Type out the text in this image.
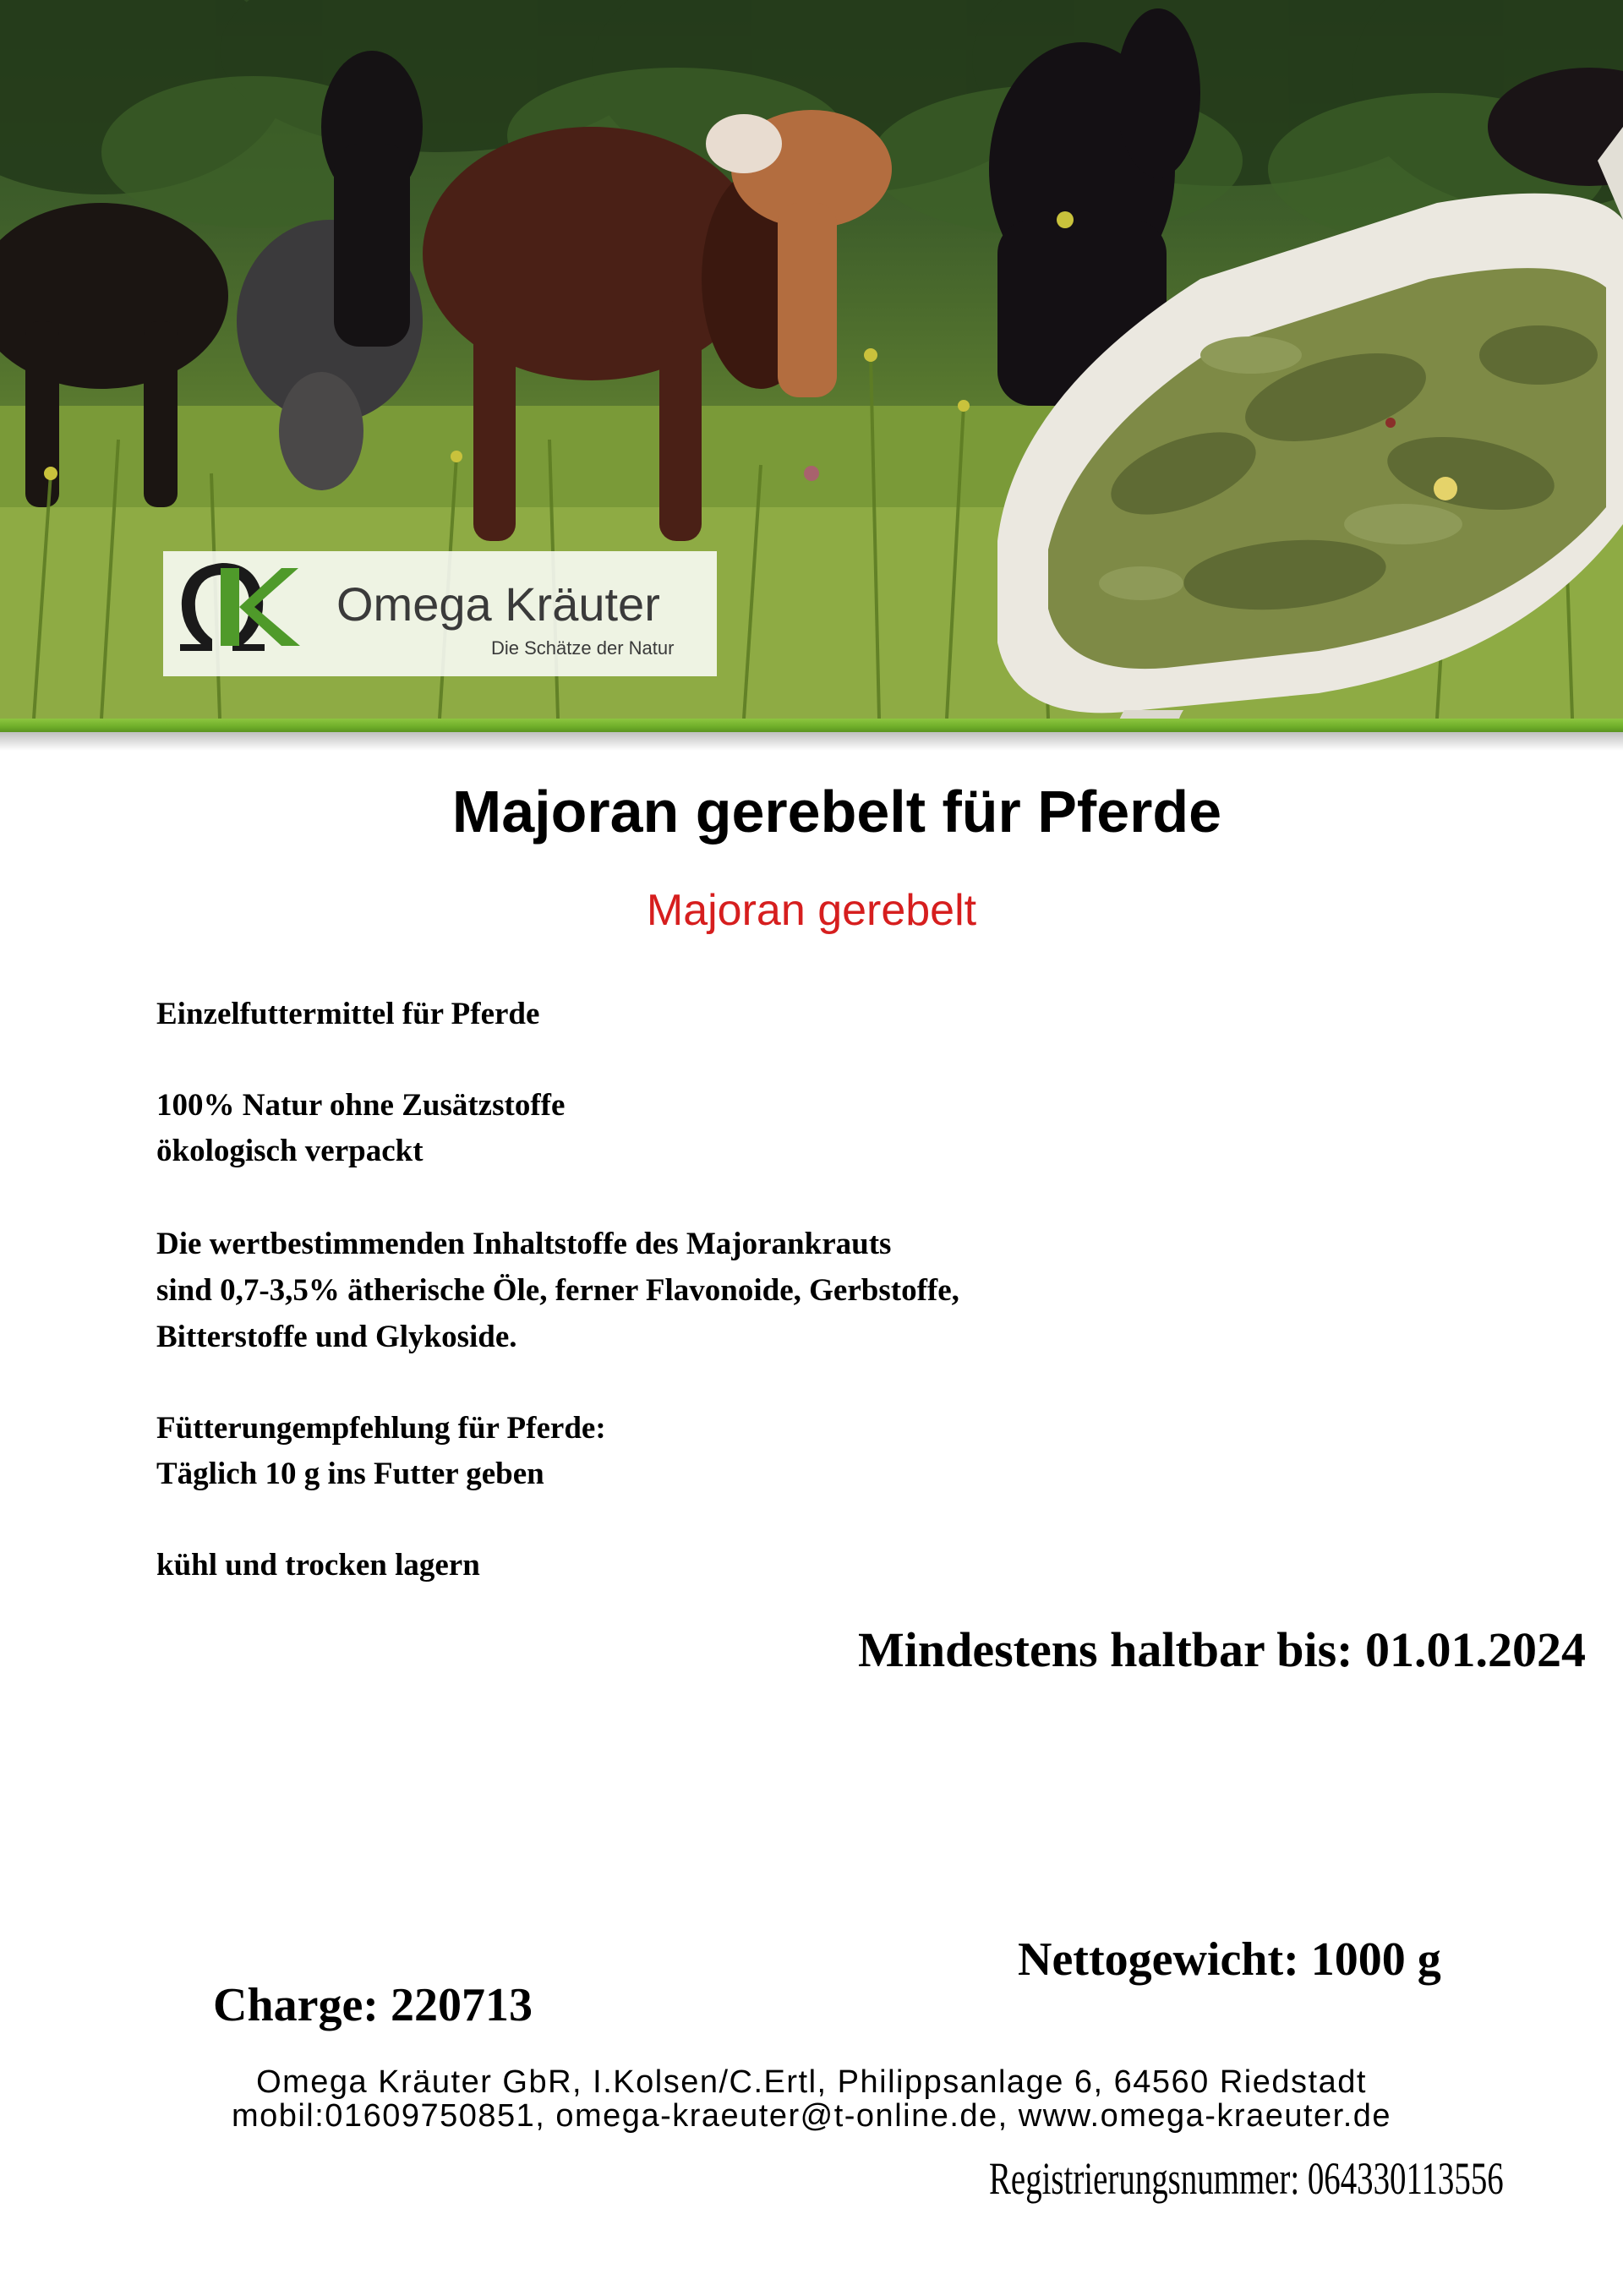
Omega Kräuter
Die Schätze der Natur
Majoran gerebelt für Pferde
Majoran gerebelt
Einzelfuttermittel für Pferde
100% Natur ohne Zusätzstoffe
ökologisch verpackt
Die wertbestimmenden Inhaltstoffe des Majorankrauts
sind 0,7-3,5% ätherische Öle, ferner Flavonoide, Gerbstoffe,
Bitterstoffe und Glykoside.
Fütterungempfehlung für Pferde:
Täglich 10 g ins Futter geben
kühl und trocken lagern
Mindestens haltbar bis: 01.01.2024
Nettogewicht: 1000 g
Charge: 220713
Omega Kräuter GbR, I.Kolsen/C.Ertl, Philippsanlage 6, 64560 Riedstadt
mobil:01609750851, omega-kraeuter@t-online.de, www.omega-kraeuter.de
Registrierungsnummer: 064330113556
